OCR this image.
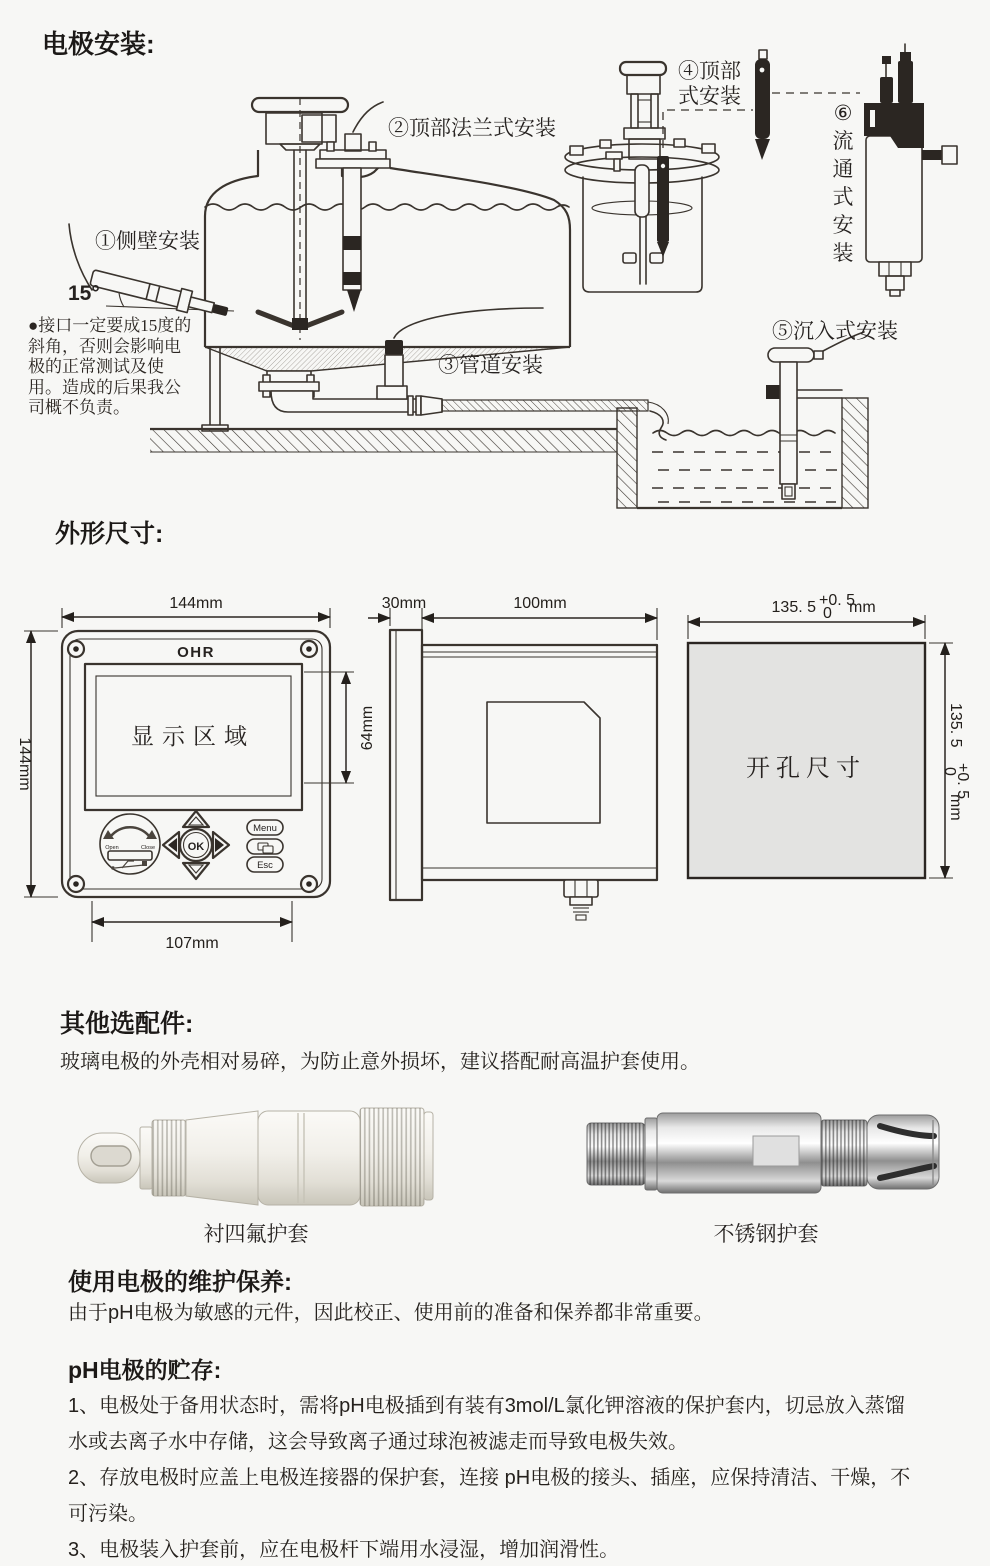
电极安装:
②顶部法兰式安装
①侧壁安装
15°
③管道安装
⑤沉入式安装
④顶部
式安装
⑥
流
通
式
安
装
●接口一定要成15度的斜角，否则会影响电极的正常测试及使用。造成的后果我公司概不负责。
外形尺寸:
OHR
显示区域
Open	Close	OK
Menu
Esc
144mm
144mm
64mm
107mm
30mm	100mm
开孔尺寸
135. 5 +0. 5
0 mm
135. 5
+0. 5
0
mm
其他选配件:
玻璃电极的外壳相对易碎，为防止意外损坏，建议搭配耐高温护套使用。
衬四氟护套	不锈钢护套
使用电极的维护保养:
由于pH电极为敏感的元件，因此校正、使用前的准备和保养都非常重要。
pH电极的贮存:
1、电极处于备用状态时，需将pH电极插到有装有3mol/L氯化钾溶液的保护套内，切忌放入蒸馏水或去离子水中存储，这会导致离子通过球泡被滤走而导致电极失效。
2、存放电极时应盖上电极连接器的保护套，连接 pH电极的接头、插座，应保持清洁、干燥，不可污染。
3、电极装入护套前，应在电极杆下端用水浸湿，增加润滑性。
